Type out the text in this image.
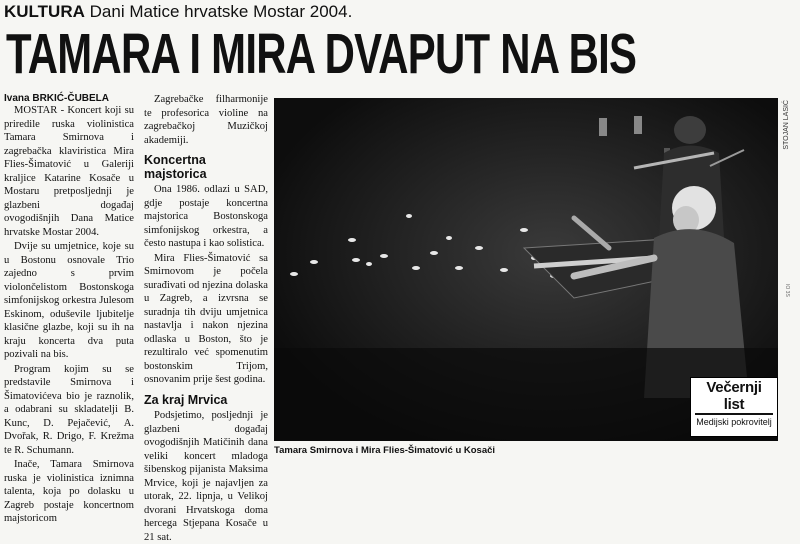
KULTURA Dani Matice hrvatske Mostar 2004.
TAMARA I MIRA DVAPUT NA BIS
Ivana BRKIĆ-ČUBELA

MOSTAR - Koncert koji su priredile ruska violinistica Tamara Smirnova i zagrebačka klaviristica Mira Flies-Šimatović u Galeriji kraljice Katarine Kosače u Mostaru pretposljednji je glazbeni događaj ovogodišnjih Dana Matice hrvatske Mostar 2004.

Dvije su umjetnice, koje su u Bostonu osnovale Trio zajedno s prvim violončelistom Bostonskoga simfonijskog orkestra Julesom Eskinom, oduševile ljubitelje klasične glazbe, koji su ih na kraju koncerta dva puta pozivali na bis.

Program kojim su se predstavile Smirnova i Šimatovićeva bio je raznolik, a odabrani su skladatelji B. Kunc, D. Pejačević, A. Dvořak, R. Drigo, F. Krežma te R. Schumann.

Inače, Tamara Smirnova ruska je violinistica iznimna talenta, koja po dolasku u Zagreb postaje koncertnom majstoricom

Zagrebačke filharmonije te profesorica violine na zagrebačkoj Muzičkoj akademiji.

Koncertna majstorica

Ona 1986. odlazi u SAD, gdje postaje koncertna majstorica Bostonskoga simfonijskog orkestra, a često nastupa i kao solistica.

Mira Flies-Šimatović sa Smirnovom je počela surađivati od njezina dolaska u Zagreb, a izvrsna se suradnja tih dviju umjetnica nastavlja i nakon njezina odlaska u Boston, što je rezultiralo već spomenutim bostonskim Trijom, osnovanim prije šest godina.

Za kraj Mrvica

Podsjetimo, posljednji je glazbeni događaj ovogodišnjih Matičinih dana veliki koncert mladoga šibenskog pijanista Maksima Mrvice, koji je najavljen za utorak, 22. lipnja, u Velikoj dvorani Hrvatskoga doma hercega Stjepana Kosače u 21 sat.

STOJAN LASIĆ
IO 3S
Večernji
list
Medijski pokrovitelj
Tamara Smirnova i Mira Flies-Šimatović u Kosači
